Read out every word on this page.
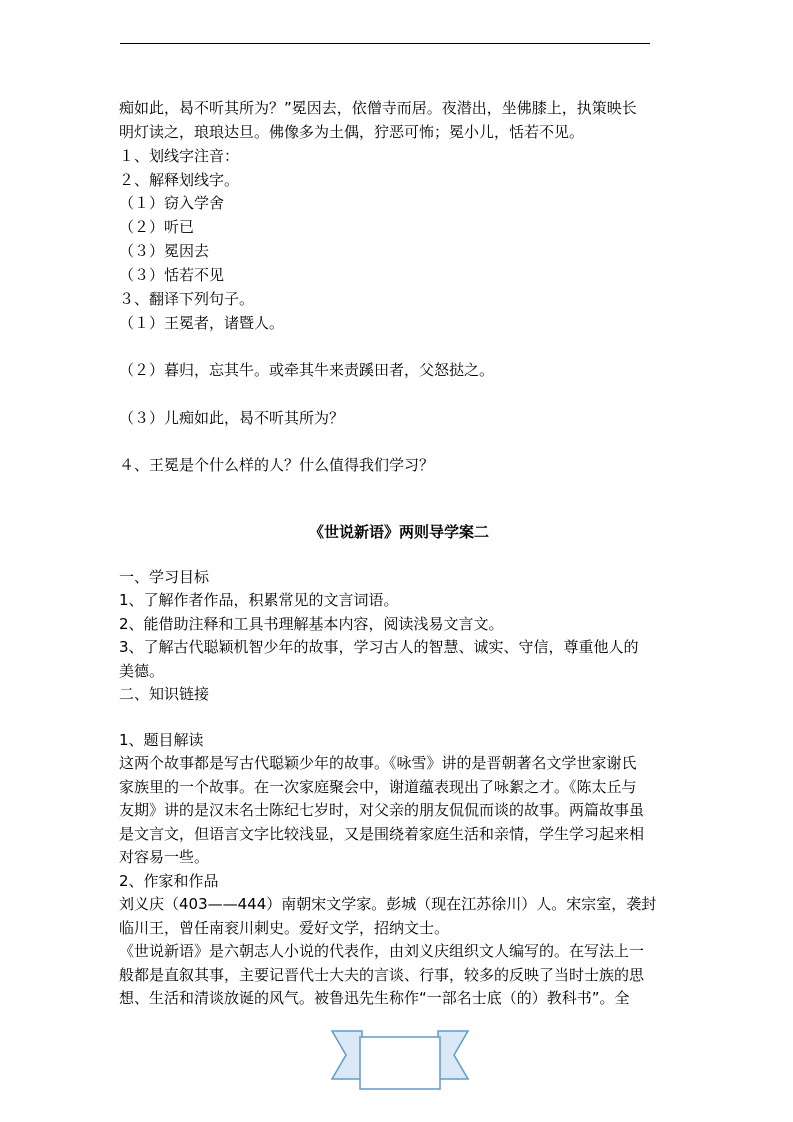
痴如此，曷不听其所为？”冕因去，依僧寺而居。夜潜出，坐佛膝上，执策映长
明灯读之，琅琅达旦。佛像多为土偶，狞恶可怖；冕小儿，恬若不见。
１、划线字注音：
２、解释划线字。
（１）窃入学舍
（２）听已
（３）冕因去
（３）恬若不见
３、翻译下列句子。
（１）王冕者，诸暨人。
（２）暮归，忘其牛。或牵其牛来责蹊田者，父怒挞之。
（３）儿痴如此，曷不听其所为？
４、王冕是个什么样的人？什么值得我们学习？
《世说新语》两则导学案二
一、学习目标
1、了解作者作品，积累常见的文言词语。
2、能借助注释和工具书理解基本内容，阅读浅易文言文。
3、了解古代聪颖机智少年的故事，学习古人的智慧、诚实、守信，尊重他人的
美德。
二、知识链接
1、题目解读
这两个故事都是写古代聪颖少年的故事。《咏雪》讲的是晋朝著名文学世家谢氏
家族里的一个故事。在一次家庭聚会中，谢道蕴表现出了咏絮之才。《陈太丘与
友期》讲的是汉末名士陈纪七岁时，对父亲的朋友侃侃而谈的故事。两篇故事虽
是文言文，但语言文字比较浅显，又是围绕着家庭生活和亲情，学生学习起来相
对容易一些。
2、作家和作品
刘义庆（403——444）南朝宋文学家。彭城（现在江苏徐川）人。宋宗室，袭封
临川王，曾任南衮川刺史。爱好文学，招纳文士。
《世说新语》是六朝志人小说的代表作，由刘义庆组织文人编写的。在写法上一
般都是直叙其事，主要记晋代士大夫的言谈、行事，较多的反映了当时士族的思
想、生活和清谈放诞的风气。被鲁迅先生称作“一部名士底（的）教科书”。全
